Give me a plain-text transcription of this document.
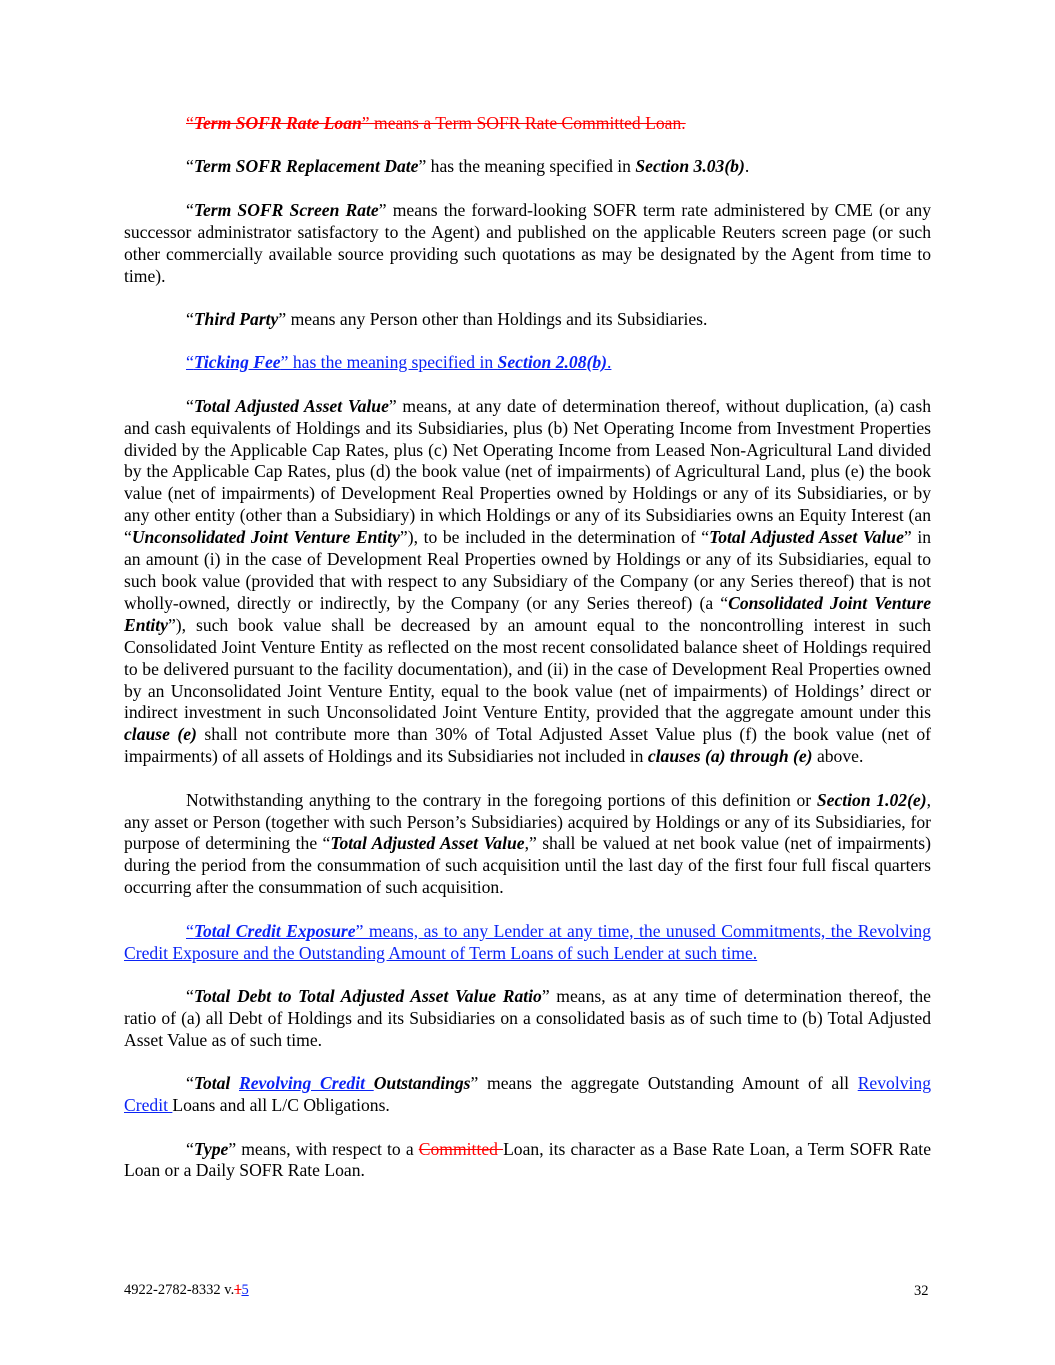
“Term SOFR Rate Loan” means a Term SOFR Rate Committed Loan.

“Term SOFR Replacement Date” has the meaning specified in Section 3.03(b).

“Term SOFR Screen Rate” means the forward-looking SOFR term rate administered by CME (or any successor administrator satisfactory to the Agent) and published on the applicable Reuters screen page (or such other commercially available source providing such quotations as may be designated by the Agent from time to time).

“Third Party” means any Person other than Holdings and its Subsidiaries.

“Ticking Fee” has the meaning specified in Section 2.08(b).

“Total Adjusted Asset Value” means, at any date of determination thereof, without duplication, (a) cash and cash equivalents of Holdings and its Subsidiaries, plus (b) Net Operating Income from Investment Properties divided by the Applicable Cap Rates, plus (c) Net Operating Income from Leased Non-Agricultural Land divided by the Applicable Cap Rates, plus (d) the book value (net of impairments) of Agricultural Land, plus (e) the book value (net of impairments) of Development Real Properties owned by Holdings or any of its Subsidiaries, or by any other entity (other than a Subsidiary) in which Holdings or any of its Subsidiaries owns an Equity Interest (an “Unconsolidated Joint Venture Entity”), to be included in the determination of “Total Adjusted Asset Value” in an amount (i) in the case of Development Real Properties owned by Holdings or any of its Subsidiaries, equal to such book value (provided that with respect to any Subsidiary of the Company (or any Series thereof) that is not wholly-owned, directly or indirectly, by the Company (or any Series thereof) (a “Consolidated Joint Venture Entity”), such book value shall be decreased by an amount equal to the noncontrolling interest in such Consolidated Joint Venture Entity as reflected on the most recent consolidated balance sheet of Holdings required to be delivered pursuant to the facility documentation), and (ii) in the case of Development Real Properties owned by an Unconsolidated Joint Venture Entity, equal to the book value (net of impairments) of Holdings’ direct or indirect investment in such Unconsolidated Joint Venture Entity, provided that the aggregate amount under this clause (e) shall not contribute more than 30% of Total Adjusted Asset Value plus (f) the book value (net of impairments) of all assets of Holdings and its Subsidiaries not included in clauses (a) through (e) above.

Notwithstanding anything to the contrary in the foregoing portions of this definition or Section 1.02(e), any asset or Person (together with such Person’s Subsidiaries) acquired by Holdings or any of its Subsidiaries, for purpose of determining the “Total Adjusted Asset Value,” shall be valued at net book value (net of impairments) during the period from the consummation of such acquisition until the last day of the first four full fiscal quarters occurring after the consummation of such acquisition.

“Total Credit Exposure” means, as to any Lender at any time, the unused Commitments, the Revolving Credit Exposure and the Outstanding Amount of Term Loans of such Lender at such time.

“Total Debt to Total Adjusted Asset Value Ratio” means, as at any time of determination thereof, the ratio of (a) all Debt of Holdings and its Subsidiaries on a consolidated basis as of such time to (b) Total Adjusted Asset Value as of such time.

“Total Revolving Credit Outstandings” means the aggregate Outstanding Amount of all Revolving Credit Loans and all L/C Obligations.

“Type” means, with respect to a Committed Loan, its character as a Base Rate Loan, a Term SOFR Rate Loan or a Daily SOFR Rate Loan.

4922-2782-8332 v.15	32
